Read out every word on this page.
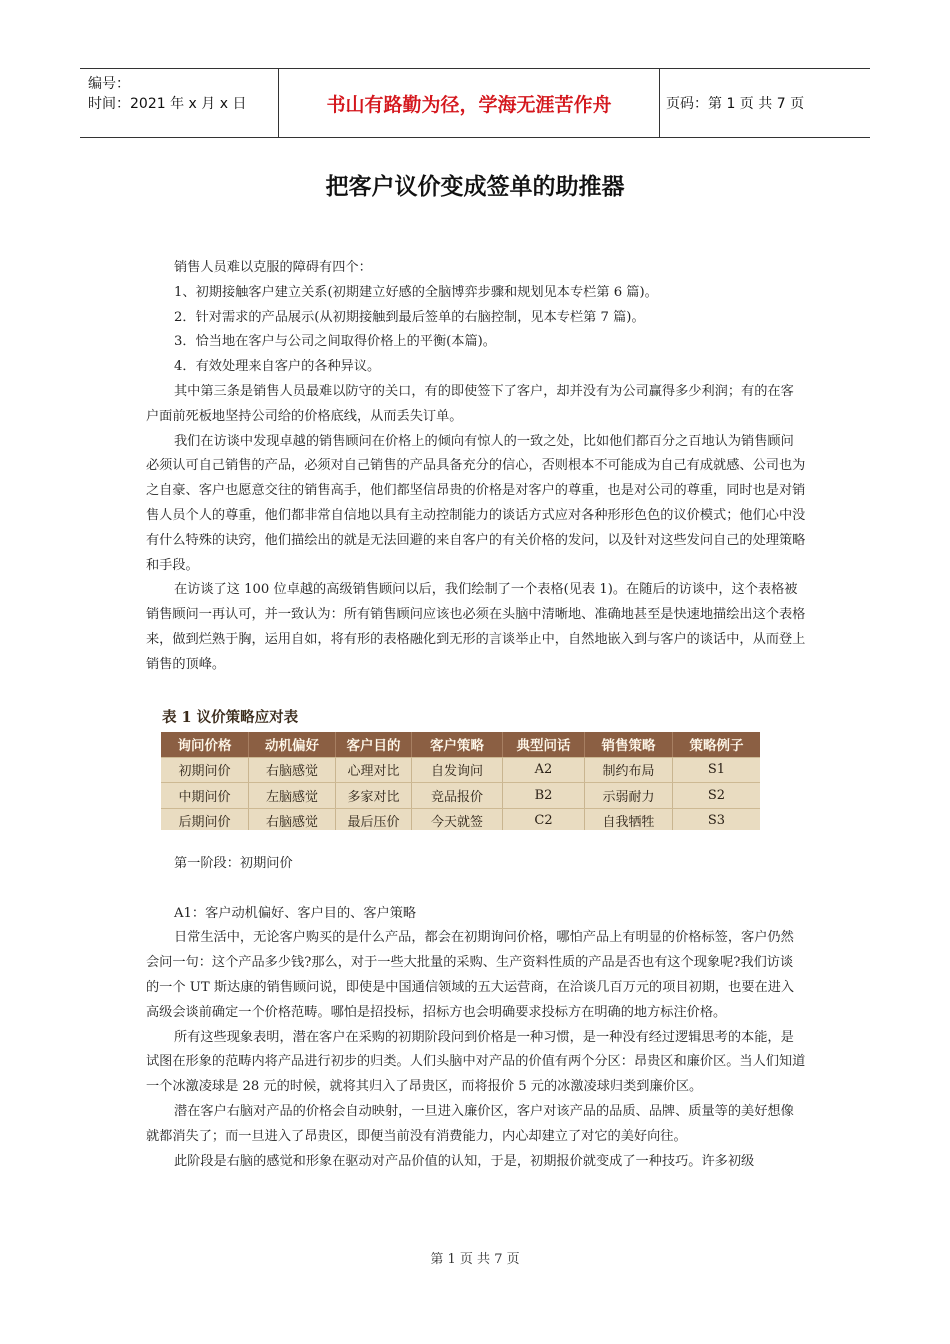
编号：
时间：2021 年 x 月 x 日	书山有路勤为径，学海无涯苦作舟	页码：第 1 页 共 7 页
把客户议价变成签单的助推器

销售人员难以克服的障碍有四个：

1、初期接触客户建立关系(初期建立好感的全脑博弈步骤和规划见本专栏第 6 篇)。

2．针对需求的产品展示(从初期接触到最后签单的右脑控制，见本专栏第 7 篇)。

3．恰当地在客户与公司之间取得价格上的平衡(本篇)。

4．有效处理来自客户的各种异议。

其中第三条是销售人员最难以防守的关口，有的即使签下了客户，却并没有为公司赢得多少利润；有的在客户面前死板地坚持公司给的价格底线，从而丢失订单。

我们在访谈中发现卓越的销售顾问在价格上的倾向有惊人的一致之处，比如他们都百分之百地认为销售顾问必须认可自己销售的产品，必须对自己销售的产品具备充分的信心，否则根本不可能成为自己有成就感、公司也为之自豪、客户也愿意交往的销售高手，他们都坚信昂贵的价格是对客户的尊重，也是对公司的尊重，同时也是对销售人员个人的尊重，他们都非常自信地以具有主动控制能力的谈话方式应对各种形形色色的议价模式；他们心中没有什么特殊的诀窍，他们描绘出的就是无法回避的来自客户的有关价格的发问，以及针对这些发问自己的处理策略和手段。

在访谈了这 100 位卓越的高级销售顾问以后，我们绘制了一个表格(见表 1)。在随后的访谈中，这个表格被销售顾问一再认可，并一致认为：所有销售顾问应该也必须在头脑中清晰地、准确地甚至是快速地描绘出这个表格来，做到烂熟于胸，运用自如，将有形的表格融化到无形的言谈举止中，自然地嵌入到与客户的谈话中，从而登上销售的顶峰。

表 1 议价策略应对表
询问价格	动机偏好	客户目的	客户策略	典型问话	销售策略	策略例子
初期问价	右脑感觉	心理对比	自发询问	A2	制约布局	S1
中期问价	左脑感觉	多家对比	竞品报价	B2	示弱耐力	S2
后期问价	右脑感觉	最后压价	今天就签	C2	自我牺牲	S3

第一阶段：初期问价

A1：客户动机偏好、客户目的、客户策略

日常生活中，无论客户购买的是什么产品，都会在初期询问价格，哪怕产品上有明显的价格标签，客户仍然会问一句：这个产品多少钱?那么，对于一些大批量的采购、生产资料性质的产品是否也有这个现象呢?我们访谈的一个 UT 斯达康的销售顾问说，即使是中国通信领域的五大运营商，在洽谈几百万元的项目初期，也要在进入高级会谈前确定一个价格范畴。哪怕是招投标，招标方也会明确要求投标方在明确的地方标注价格。

所有这些现象表明，潜在客户在采购的初期阶段问到价格是一种习惯，是一种没有经过逻辑思考的本能，是试图在形象的范畴内将产品进行初步的归类。人们头脑中对产品的价值有两个分区：昂贵区和廉价区。当人们知道一个冰激凌球是 28 元的时候，就将其归入了昂贵区，而将报价 5 元的冰激凌球归类到廉价区。

潜在客户右脑对产品的价格会自动映射，一旦进入廉价区，客户对该产品的品质、品牌、质量等的美好想像就都消失了；而一旦进入了昂贵区，即便当前没有消费能力，内心却建立了对它的美好向往。

此阶段是右脑的感觉和形象在驱动对产品价值的认知，于是，初期报价就变成了一种技巧。许多初级

第 1 页 共 7 页
